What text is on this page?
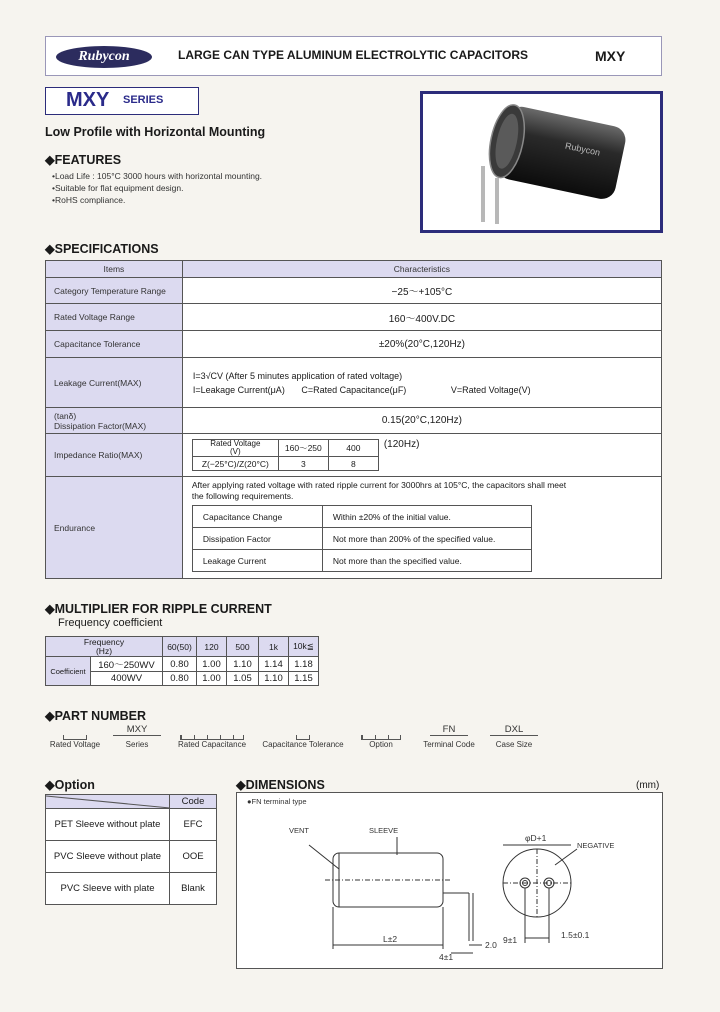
Rubycon	LARGE CAN TYPE ALUMINUM ELECTROLYTIC CAPACITORS	MXY
MXY SERIES
Rubycon
Low Profile with Horizontal Mounting
◆FEATURES
•Load Life : 105°C 3000 hours with horizontal mounting.
•Suitable for flat equipment design.
•RoHS compliance.
◆SPECIFICATIONS
Items	Characteristics
Category Temperature Range	−25〜+105°C
Rated Voltage Range	160〜400V.DC
Capacitance Tolerance	±20%(20°C,120Hz)
Leakage Current(MAX)	
I=3√CV (After 5 minutes application of rated voltage)
I=Leakage Current(μA) C=Rated Capacitance(μF)	V=Rated Voltage(V)

(tanδ)
Dissipation Factor(MAX)	0.15(20°C,120Hz)
Impedance Ratio(MAX)	
Rated Voltage
(V)	160〜250	400
Z(−25°C)/Z(20°C)	3	8
(120Hz)

Endurance	
After applying rated voltage with rated ripple current for 3000hrs at 105°C, the capacitors shall meet
the following requirements.
Capacitance Change	Within ±20% of the initial value.
Dissipation Factor	Not more than 200% of the specified value.
Leakage Current	Not more than the specified value.
◆MULTIPLIER FOR RIPPLE CURRENT
Frequency coefficient
Frequency
(Hz)		60(50)	120	500	1k	10k≦
Coefficient	160〜250WV	0.80	1.00	1.10	1.14	1.18
	400WV	0.80	1.00	1.05	1.10	1.15
◆PART NUMBER
Rated Voltage
MXY
Series	Rated Capacitance	Capacitance Tolerance	Option
FN
Terminal Code
DXL
Case Size
◆Option
	Code
PET Sleeve without plate	EFC
PVC Sleeve without plate	OOE
PVC Sleeve with plate	Blank
◆DIMENSIONS	(mm)
●FN terminal type
VENT	SLEEVE
L±2
2.0 9±1
4±1
φD+1
NEGATIVE
1.5±0.1
